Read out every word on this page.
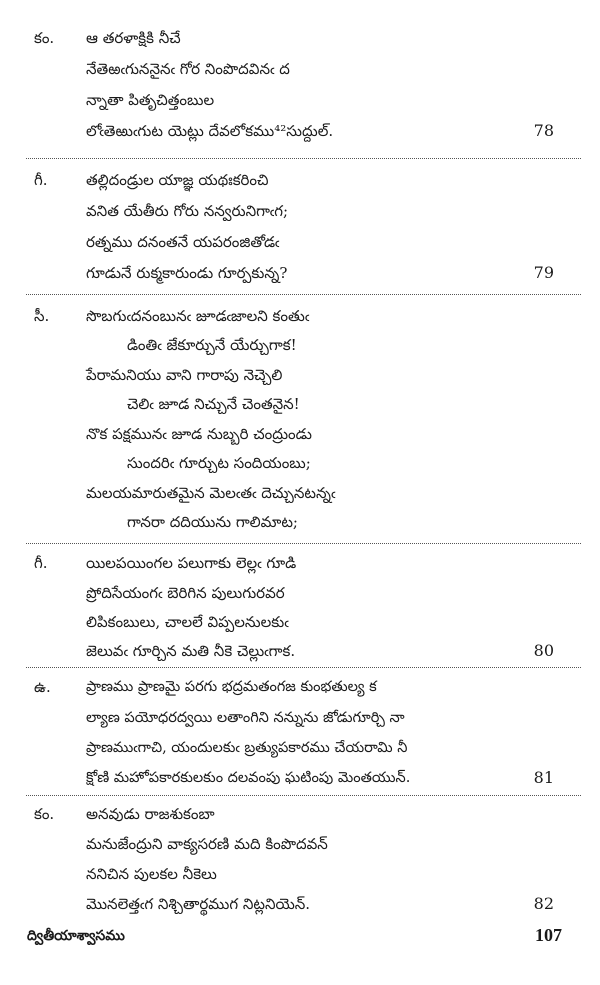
కం. ఆ తరళాక్షికి నీచే
నేతెఱఁగుననైనఁ గోర నింపొదవినఁ ద
న్నాతా పితృచిత్తంబుల
లోఁతెఱుఁగుట యెట్లు దేవలోకము⁴²సుద్దుల్.	78
గీ.	తల్లిదండ్రుల యాజ్ఞ యథఃకరించి
వనిత యేతీరు గోరు నన్వరునిగాఁగ;
రత్నము దనంతనే యపరంజితోడఁ
గూడునే రుక్మకారుండు గూర్పకున్న?	79
సీ. సొబగుఁదనంబునఁ జూడఁజాలని కంతుఁ
డింతిఁ జేకూర్చునే యేర్చుగాక!
పేరామనియు వాని గారాపు నెచ్చెలి
చెలిఁ జూడ నిచ్చునే చెంతనైన!
నొక పక్షమునఁ జూడ నుబ్బరి చంద్రుండు
సుందరిఁ గూర్చుట సందియంబు;
మలయమారుతమైన మెలఁతఁ దెచ్చునటన్నఁ
గానరా దదియును గాలిమాట;
గీ.	యిలపయింగల పలుగాకు లెల్లఁ గూడి
ప్రోదిసేయంగఁ బెరిగిన పులుగురవర
లిపికంబులు, చాలలే విప్పలనులకుఁ
జెలువఁ గూర్చిన మతి నీకె చెల్లుఁగాక.	80
ఉ. ప్రాణము ప్రాణమై పరగు భద్రమతంగజ కుంభతుల్య క
ల్యాణ పయోధరద్వయి లతాంగిని నన్నును జోడుగూర్చి నా
ప్రాణముఁగాచి, యందులకుఁ బ్రత్యుపకారము చేయరామి నీ
క్షోణి మహోపకారకులకుం దలవంపు ఘటింపు మెంతయున్.	81
కం. అనవుడు రాజశుకంబా
మనుజేంద్రుని వాక్యసరణి మది కింపొదవన్
ననిచిన పులకల నీకెలు
మొనలెత్తఁగ నిశ్చితార్థముగ నిట్లనియెన్.	82
ద్వితీయాశ్వాసము	107
